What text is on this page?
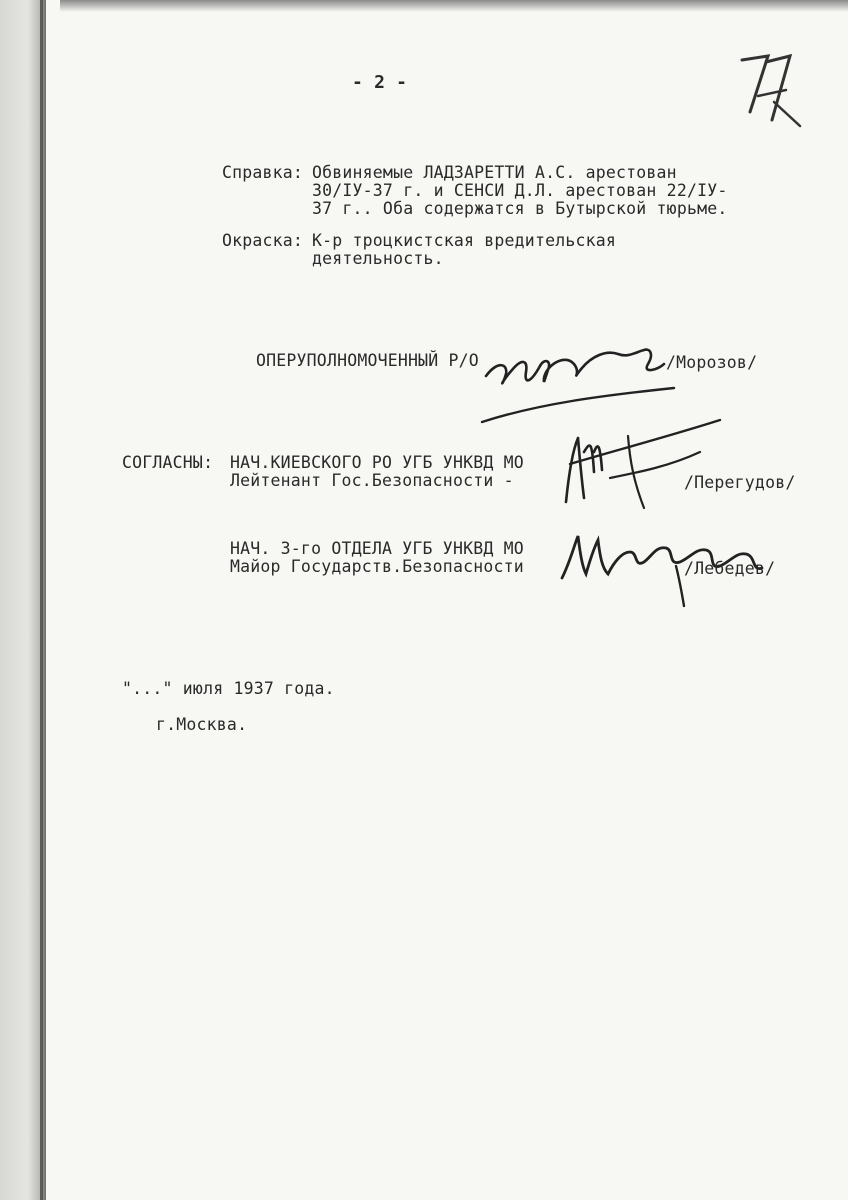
- 2 -
Справка: Обвиняемые ЛАДЗАРЕТТИ А.С. арестован
30/IУ-37 г. и СЕНСИ Д.Л. арестован 22/IУ-
37 г.. Оба содержатся в Бутырской тюрьме.
Окраска: К-р троцкистская вредительская
деятельность.
ОПЕРУПОЛНОМОЧЕННЫЙ Р/О	/Морозов/
СОГЛАСНЫ: НАЧ.КИЕВСКОГО РО УГБ УНКВД МО
Лейтенант Гос.Безопасности -	/Перегудов/
НАЧ. 3-го ОТДЕЛА УГБ УНКВД МО
Майор Государств.Безопасности	/Лебедев/
"..." июля 1937 года.
г.Москва.
